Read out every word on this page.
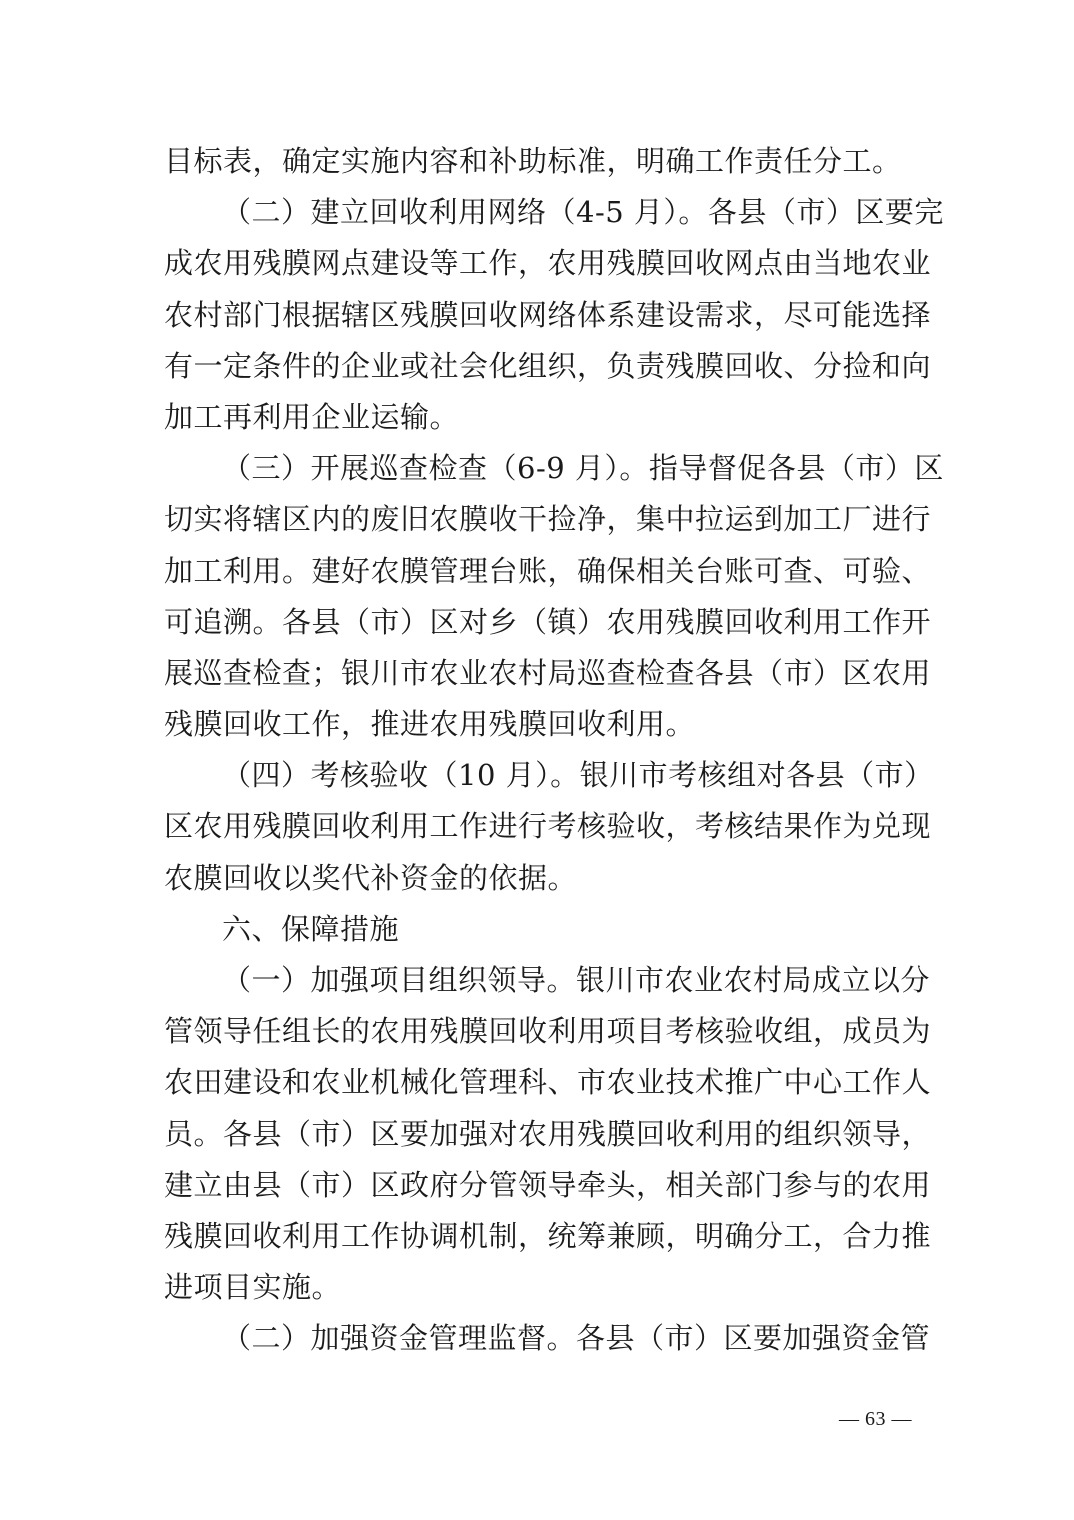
目标表，确定实施内容和补助标准，明确工作责任分工。
（二）建立回收利用网络（4-5 月）。各县（市）区要完
成农用残膜网点建设等工作，农用残膜回收网点由当地农业
农村部门根据辖区残膜回收网络体系建设需求，尽可能选择
有一定条件的企业或社会化组织，负责残膜回收、分捡和向
加工再利用企业运输。
（三）开展巡查检查（6-9 月）。指导督促各县（市）区
切实将辖区内的废旧农膜收干捡净，集中拉运到加工厂进行
加工利用。建好农膜管理台账，确保相关台账可查、可验、
可追溯。各县（市）区对乡（镇）农用残膜回收利用工作开
展巡查检查；银川市农业农村局巡查检查各县（市）区农用
残膜回收工作，推进农用残膜回收利用。
（四）考核验收（10 月）。银川市考核组对各县（市）
区农用残膜回收利用工作进行考核验收，考核结果作为兑现
农膜回收以奖代补资金的依据。
六、保障措施
（一）加强项目组织领导。银川市农业农村局成立以分
管领导任组长的农用残膜回收利用项目考核验收组，成员为
农田建设和农业机械化管理科、市农业技术推广中心工作人
员。各县（市）区要加强对农用残膜回收利用的组织领导，
建立由县（市）区政府分管领导牵头，相关部门参与的农用
残膜回收利用工作协调机制，统筹兼顾，明确分工，合力推
进项目实施。
（二）加强资金管理监督。各县（市）区要加强资金管
— 63 —
